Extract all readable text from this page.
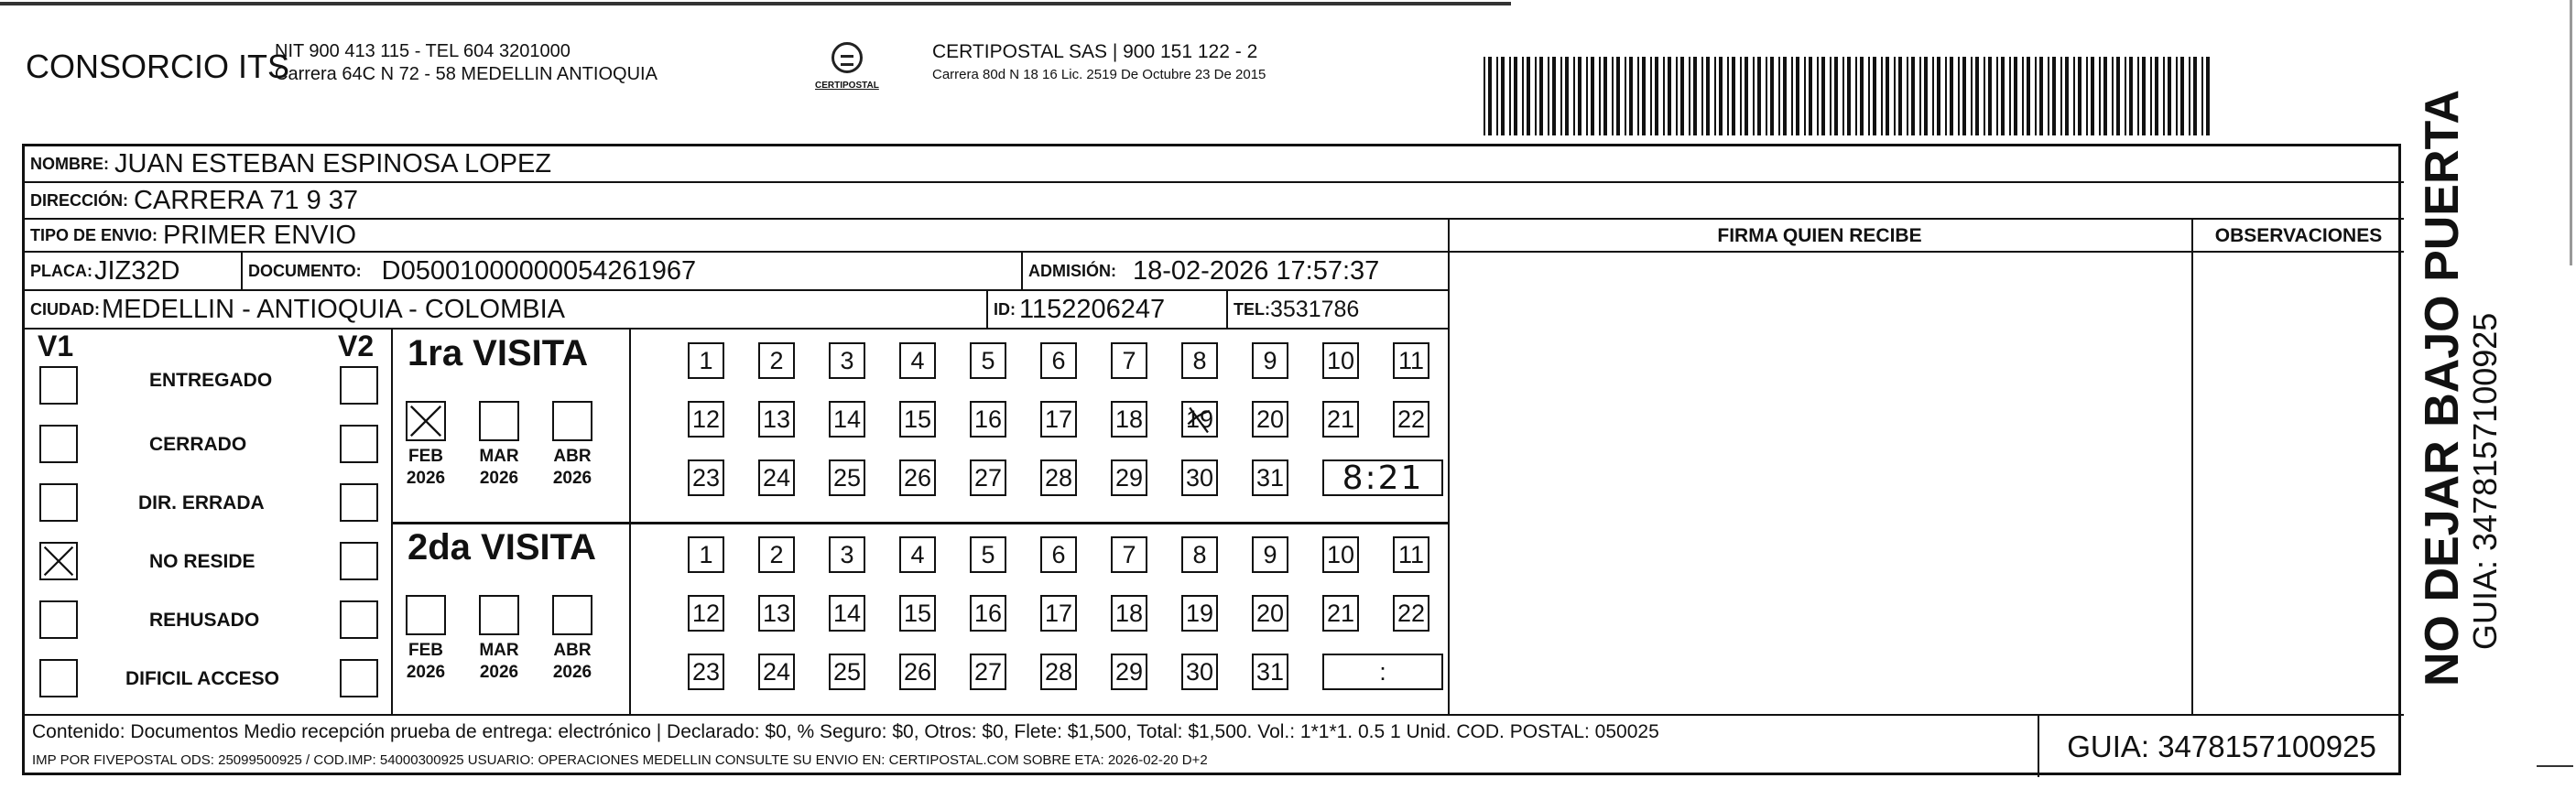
CONSORCIO ITS
NIT 900 413 115 - TEL 604 3201000
Carrera 64C N 72 - 58 MEDELLIN ANTIOQUIA
CERTIPOSTAL
CERTIPOSTAL SAS | 900 151 122 - 2
Carrera 80d N 18 16 Lic. 2519 De Octubre 23 De 2015
NOMBRE: JUAN ESTEBAN ESPINOSA LOPEZ
DIRECCIÓN: CARRERA 71 9 37
TIPO DE ENVIO: PRIMER ENVIO
PLACA: JIZ32D	DOCUMENTO: D05001000000054261967	ADMISIÓN: 18-02-2026 17:57:37
CIUDAD: MEDELLIN - ANTIOQUIA - COLOMBIA	ID: 1152206247	TEL: 3531786
FIRMA QUIEN RECIBE	OBSERVACIONES
V1	V2
ENTREGADO
CERRADO
DIR. ERRADA
NO RESIDE
REHUSADO
DIFICIL ACCESO
1ra VISITA
FEB
2026
MAR
2026
ABR
2026
2da VISITA
FEB
2026
MAR
2026
ABR
2026
1 2 3 4 5 6 7 8 9 10 11
12 13 14 15 16 17 18 19 20 21 22
23 24 25 26 27 28 29 30 31 8:21
1 2 3 4 5 6 7 8 9 10 11
12 13 14 15 16 17 18 19 20 21 22
23 24 25 26 27 28 29 30 31	:
Contenido: Documentos Medio recepción prueba de entrega: electrónico | Declarado: $0, % Seguro: $0, Otros: $0, Flete: $1,500, Total: $1,500. Vol.: 1*1*1. 0.5 1 Unid. COD. POSTAL: 050025
IMP POR FIVEPOSTAL ODS: 25099500925 / COD.IMP: 54000300925 USUARIO: OPERACIONES MEDELLIN CONSULTE SU ENVIO EN: CERTIPOSTAL.COM SOBRE ETA: 2026-02-20 D+2	GUIA: 3478157100925
NO DEJAR BAJO PUERTA
GUIA: 3478157100925
